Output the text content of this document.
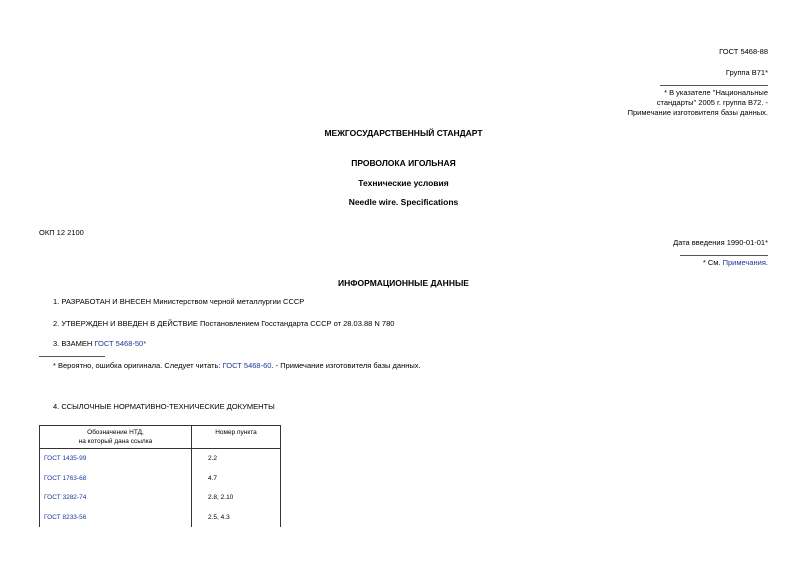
ГОСТ 5468-88
Группа В71*
* В указателе "Национальные
стандарты" 2005 г. группа В72. -
Примечание изготовителя базы данных.
МЕЖГОСУДАРСТВЕННЫЙ СТАНДАРТ
ПРОВОЛОКА ИГОЛЬНАЯ
Технические условия
Needle wire. Specifications
ОКП 12 2100
Дата введения 1990-01-01*
* См. Примечания.
ИНФОРМАЦИОННЫЕ ДАННЫЕ
1. РАЗРАБОТАН И ВНЕСЕН Министерством черной металлургии СССР
2. УТВЕРЖДЕН И ВВЕДЕН В ДЕЙСТВИЕ Постановлением Госстандарта СССР от 28.03.88 N 780
3. ВЗАМЕН ГОСТ 5468-50*
* Вероятно, ошибка оригинала. Следует читать: ГОСТ 5468-60. - Примечание изготовителя базы данных.
4. ССЫЛОЧНЫЕ НОРМАТИВНО-ТЕХНИЧЕСКИЕ ДОКУМЕНТЫ
Обозначение НТД,
на который дана ссылка	Номер пункта
ГОСТ 1435-99	2.2
ГОСТ 1763-68	4.7
ГОСТ 3282-74	2.8, 2.10
ГОСТ 8233-56	2.5, 4.3
